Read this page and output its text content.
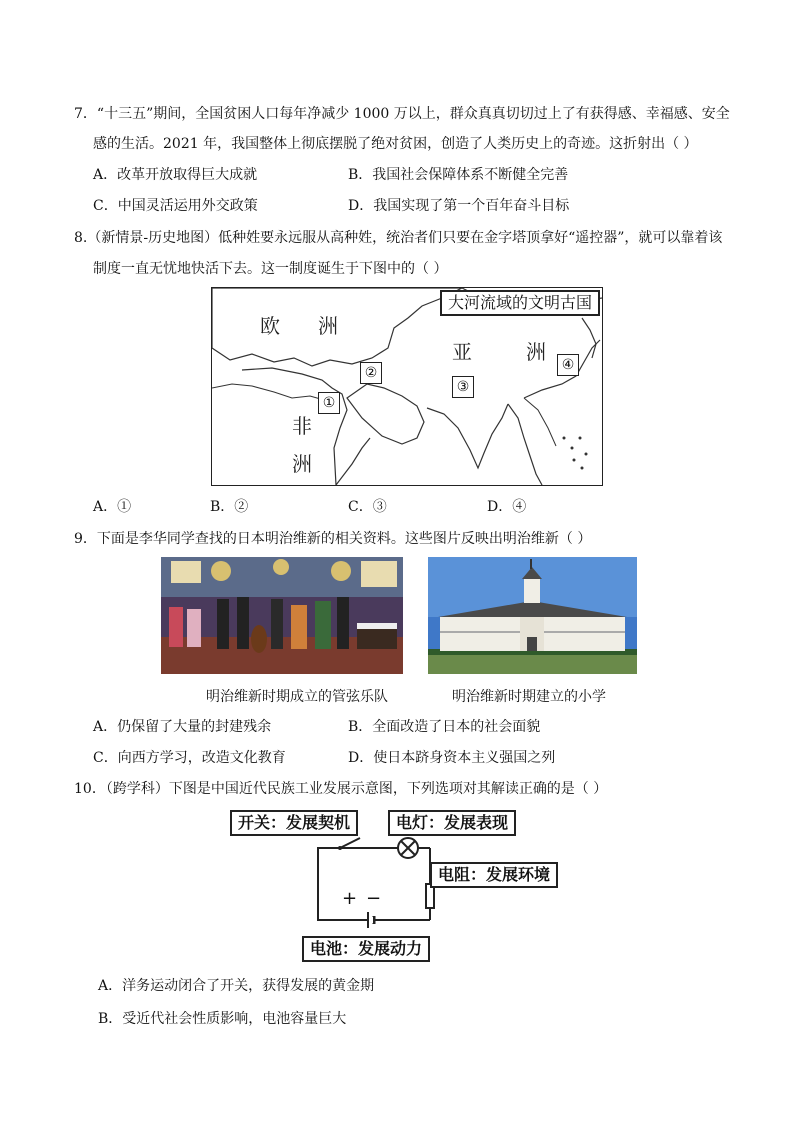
7．“十三五”期间，全国贫困人口每年净减少 1000 万以上，群众真真切切过上了有获得感、幸福感、安全
感的生活。2021 年，我国整体上彻底摆脱了绝对贫困，创造了人类历史上的奇迹。这折射出（ ）
A．改革开放取得巨大成就	B．我国社会保障体系不断健全完善
C．中国灵活运用外交政策	D．我国实现了第一个百年奋斗目标
8.（新情景-历史地图）低种姓要永远服从高种姓，统治者们只要在金字塔顶拿好“遥控器”，就可以靠着该
制度一直无忧地快活下去。这一制度诞生于下图中的（ ）
大河流域的文明古国
欧 洲
亚	洲
非
洲
①
②
③
④
A．①	B．②	C．③	D．④
9．下面是李华同学查找的日本明治维新的相关资料。这些图片反映出明治维新（ ）
明治维新时期成立的管弦乐队	明治维新时期建立的小学
A．仍保留了大量的封建残余	B．全面改造了日本的社会面貌
C．向西方学习，改造文化教育	D．使日本跻身资本主义强国之列
10．（跨学科）下图是中国近代民族工业发展示意图，下列选项对其解读正确的是（ ）
开关：发展契机	电灯：发展表现
电阻：发展环境
电池：发展动力
+ −
A．洋务运动闭合了开关，获得发展的黄金期
B．受近代社会性质影响，电池容量巨大
